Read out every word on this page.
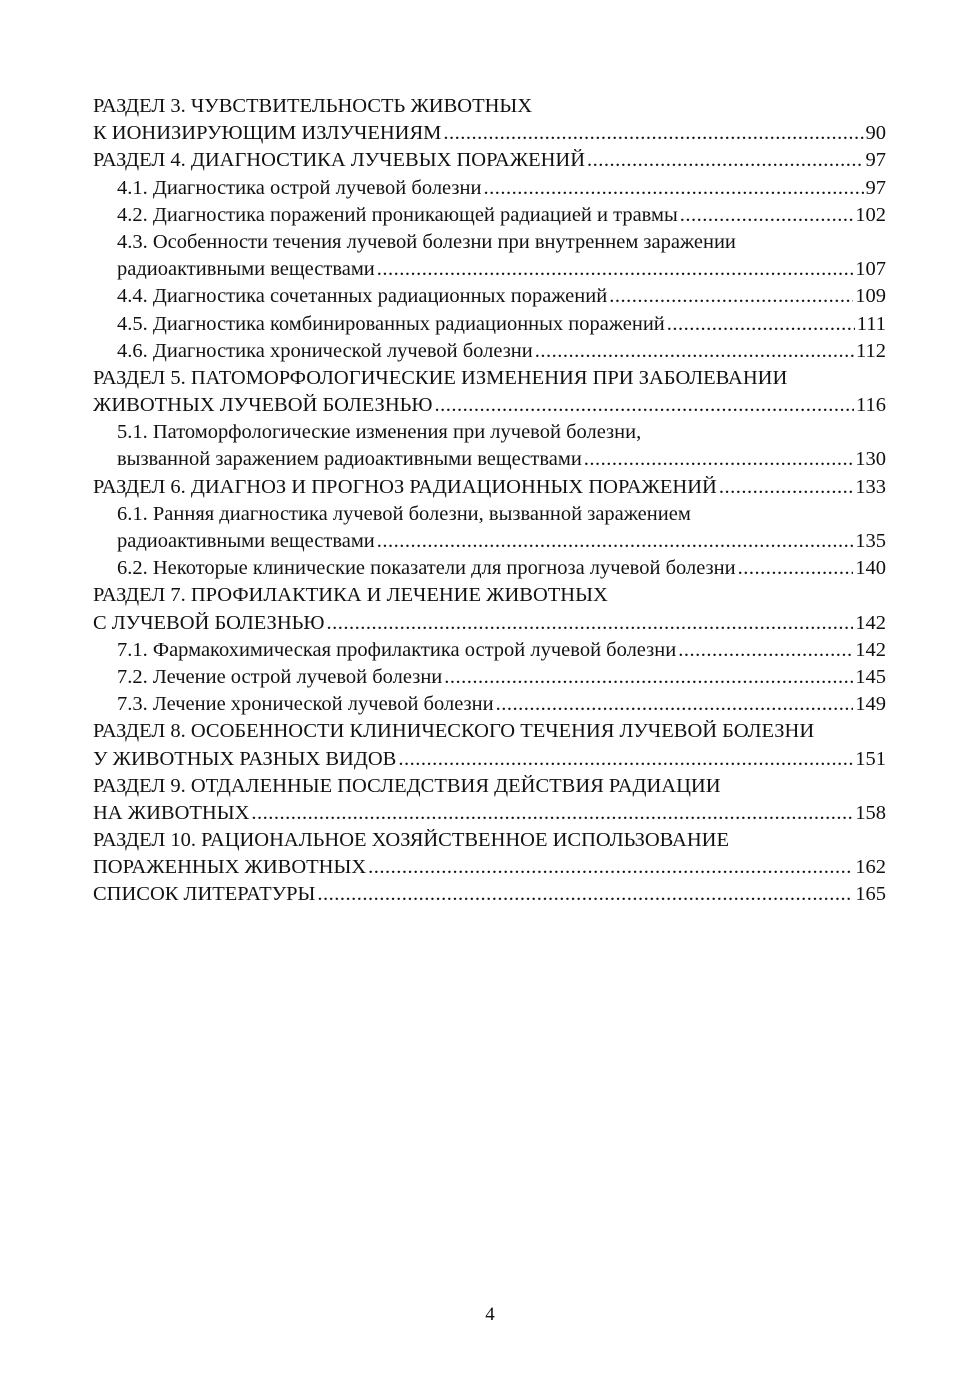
РАЗДЕЛ 3. ЧУВСТВИТЕЛЬНОСТЬ ЖИВОТНЫХ
К ИОНИЗИРУЮЩИМ ИЗЛУЧЕНИЯМ .....	90
РАЗДЕЛ 4. ДИАГНОСТИКА ЛУЧЕВЫХ ПОРАЖЕНИЙ .....	97
4.1. Диагностика острой лучевой болезни .....	97
4.2. Диагностика поражений проникающей радиацией и травмы .....	102
4.3. Особенности течения лучевой болезни при внутреннем заражении
радиоактивными веществами .....	107
4.4. Диагностика сочетанных радиационных поражений .....	109
4.5. Диагностика комбинированных радиационных поражений .....	111
4.6. Диагностика хронической лучевой болезни .....	112
РАЗДЕЛ 5. ПАТОМОРФОЛОГИЧЕСКИЕ ИЗМЕНЕНИЯ ПРИ ЗАБОЛЕВАНИИ
ЖИВОТНЫХ ЛУЧЕВОЙ БОЛЕЗНЬЮ .....	116
5.1. Патоморфологические изменения при лучевой болезни,
вызванной заражением радиоактивными веществами .....	130
РАЗДЕЛ 6. ДИАГНОЗ И ПРОГНОЗ РАДИАЦИОННЫХ ПОРАЖЕНИЙ .....	133
6.1. Ранняя диагностика лучевой болезни, вызванной заражением
радиоактивными веществами .....	135
6.2. Некоторые клинические показатели для прогноза лучевой болезни .....	140
РАЗДЕЛ 7. ПРОФИЛАКТИКА И ЛЕЧЕНИЕ ЖИВОТНЫХ
С ЛУЧЕВОЙ БОЛЕЗНЬЮ .....	142
7.1. Фармакохимическая профилактика острой лучевой болезни .....	142
7.2. Лечение острой лучевой болезни .....	145
7.3. Лечение хронической лучевой болезни .....	149
РАЗДЕЛ 8. ОСОБЕННОСТИ КЛИНИЧЕСКОГО ТЕЧЕНИЯ ЛУЧЕВОЙ БОЛЕЗНИ
У ЖИВОТНЫХ РАЗНЫХ ВИДОВ .....	151
РАЗДЕЛ 9. ОТДАЛЕННЫЕ ПОСЛЕДСТВИЯ ДЕЙСТВИЯ РАДИАЦИИ
НА ЖИВОТНЫХ .....	158
РАЗДЕЛ 10. РАЦИОНАЛЬНОЕ ХОЗЯЙСТВЕННОЕ ИСПОЛЬЗОВАНИЕ
ПОРАЖЕННЫХ ЖИВОТНЫХ .....	162
СПИСОК ЛИТЕРАТУРЫ .....	165
4
